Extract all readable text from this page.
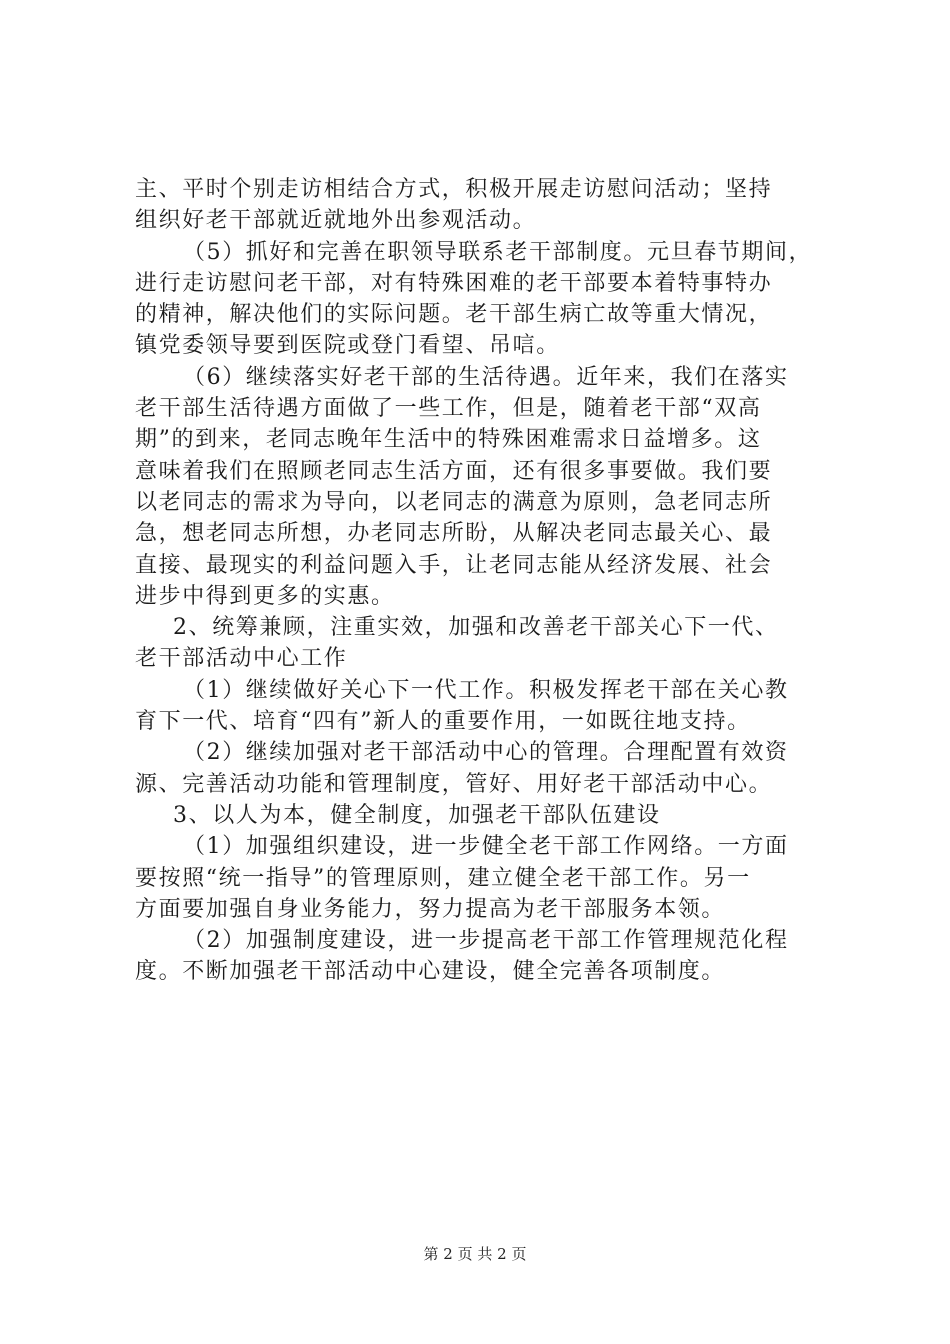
主、平时个别走访相结合方式，积极开展走访慰问活动；坚持
组织好老干部就近就地外出参观活动。
（5）抓好和完善在职领导联系老干部制度。元旦春节期间，
进行走访慰问老干部，对有特殊困难的老干部要本着特事特办
的精神，解决他们的实际问题。老干部生病亡故等重大情况，
镇党委领导要到医院或登门看望、吊唁。
（6）继续落实好老干部的生活待遇。近年来，我们在落实
老干部生活待遇方面做了一些工作，但是，随着老干部“双高
期”的到来，老同志晚年生活中的特殊困难需求日益增多。这
意味着我们在照顾老同志生活方面，还有很多事要做。我们要
以老同志的需求为导向，以老同志的满意为原则，急老同志所
急，想老同志所想，办老同志所盼，从解决老同志最关心、最
直接、最现实的利益问题入手，让老同志能从经济发展、社会
进步中得到更多的实惠。
2、统筹兼顾，注重实效，加强和改善老干部关心下一代、
老干部活动中心工作
（1）继续做好关心下一代工作。积极发挥老干部在关心教
育下一代、培育“四有”新人的重要作用，一如既往地支持。
（2）继续加强对老干部活动中心的管理。合理配置有效资
源、完善活动功能和管理制度，管好、用好老干部活动中心。
3、以人为本，健全制度，加强老干部队伍建设
（1）加强组织建设，进一步健全老干部工作网络。一方面
要按照“统一指导”的管理原则，建立健全老干部工作。另一
方面要加强自身业务能力，努力提高为老干部服务本领。
（2）加强制度建设，进一步提高老干部工作管理规范化程
度。不断加强老干部活动中心建设，健全完善各项制度。
第 2 页 共 2 页
